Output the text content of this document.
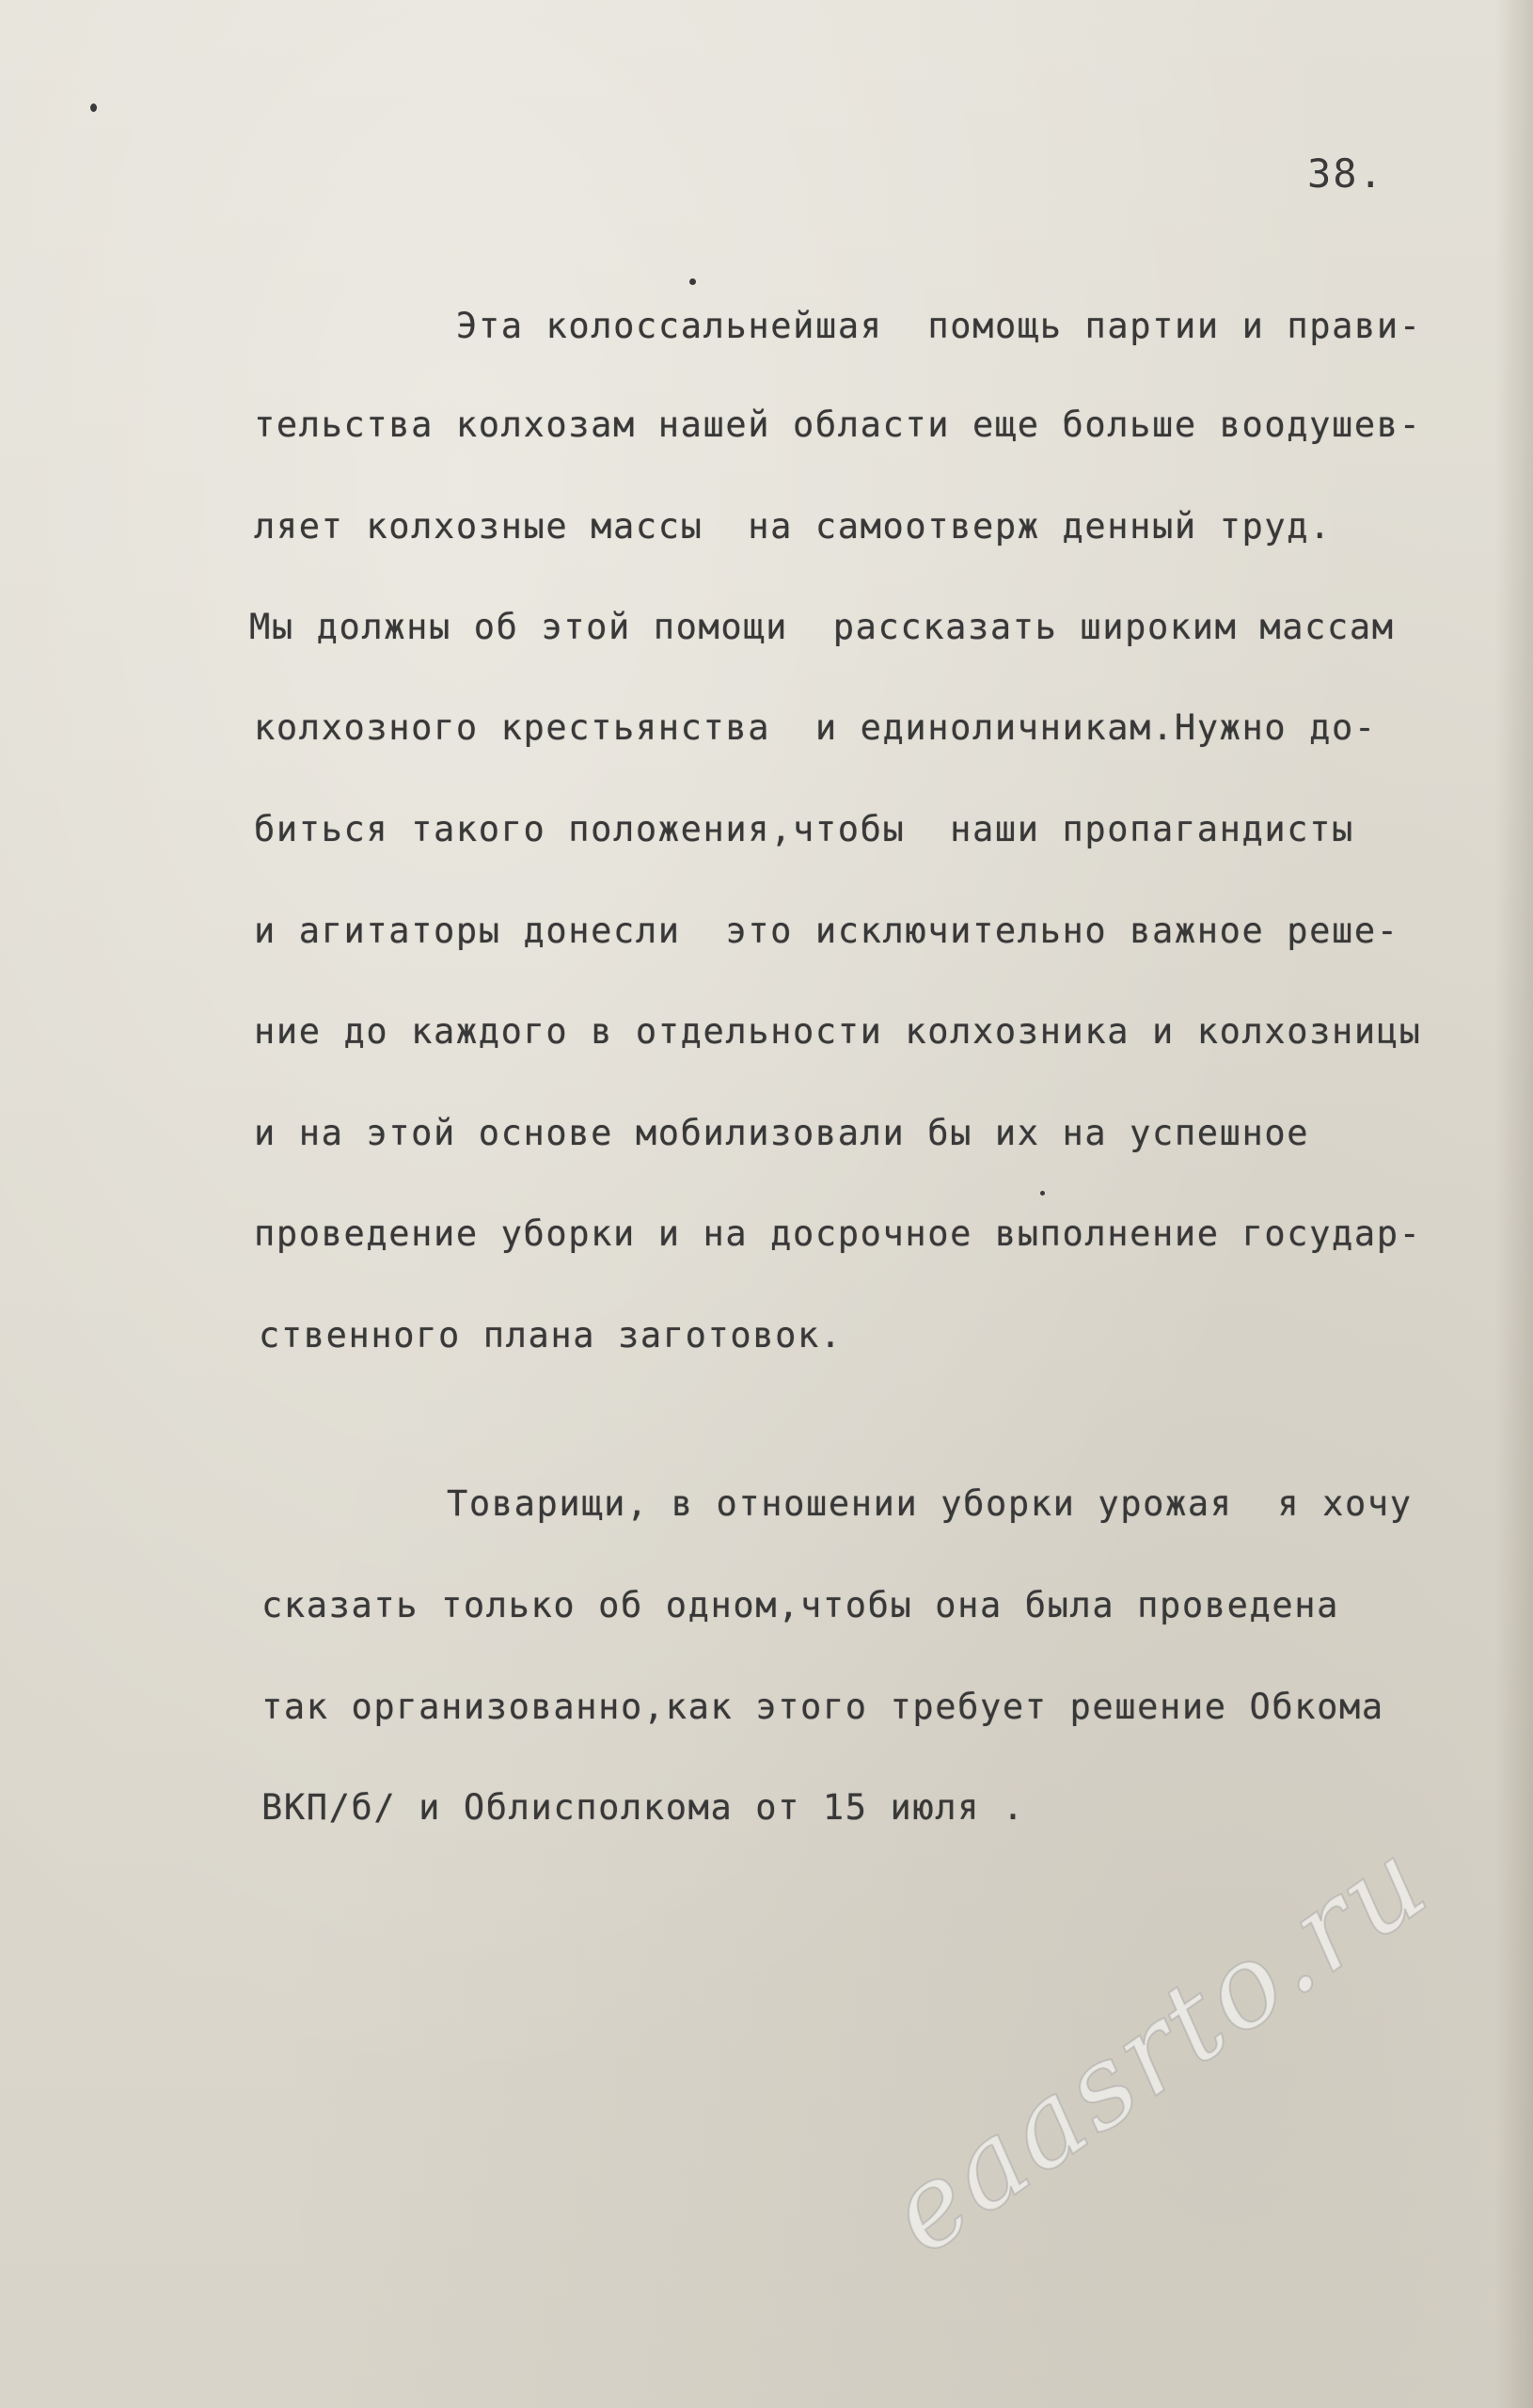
38.
Эта колоссальнейшая  помощь партии и прави-
тельства колхозам нашей области еще больше воодушев-
ляет колхозные массы  на самоотверж денный труд.
Мы должны об этой помощи  рассказать широким массам
колхозного крестьянства  и единоличникам.Нужно до-
биться такого положения,чтобы  наши пропагандисты
и агитаторы донесли  это исключительно важное реше-
ние до каждого в отдельности колхозника и колхозницы
и на этой основе мобилизовали бы их на успешное
проведение уборки и на досрочное выполнение государ-
ственного плана заготовок.
Товарищи, в отношении уборки урожая  я хочу
сказать только об одном,чтобы она была проведена
так организованно,как этого требует решение Обкома
ВКП/б/ и Облисполкома от 15 июля .
eaasrto.ru
